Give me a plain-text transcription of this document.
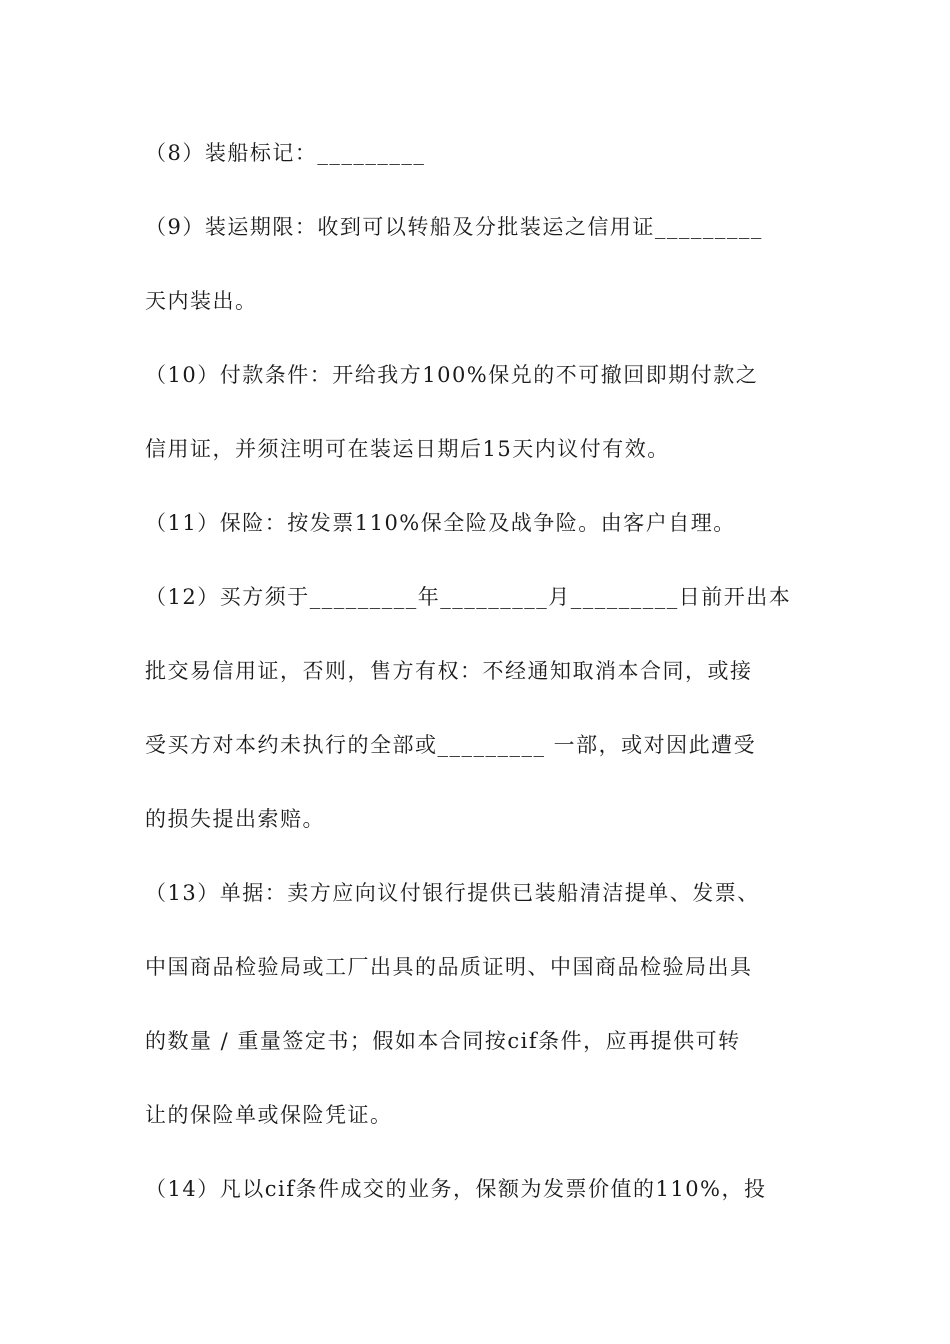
（8）装船标记：_________
（9）装运期限：收到可以转船及分批装运之信用证_________
天内装出。
（10）付款条件：开给我方100%保兑的不可撤回即期付款之
信用证，并须注明可在装运日期后15天内议付有效。
（11）保险：按发票110%保全险及战争险。由客户自理。
（12）买方须于_________年_________月_________日前开出本
批交易信用证，否则，售方有权：不经通知取消本合同，或接
受买方对本约未执行的全部或_________ 一部，或对因此遭受
的损失提出索赔。
（13）单据：卖方应向议付银行提供已装船清洁提单、发票、
中国商品检验局或工厂出具的品质证明、中国商品检验局出具
的数量 / 重量签定书；假如本合同按cif条件，应再提供可转
让的保险单或保险凭证。
（14）凡以cif条件成交的业务，保额为发票价值的110%，投
